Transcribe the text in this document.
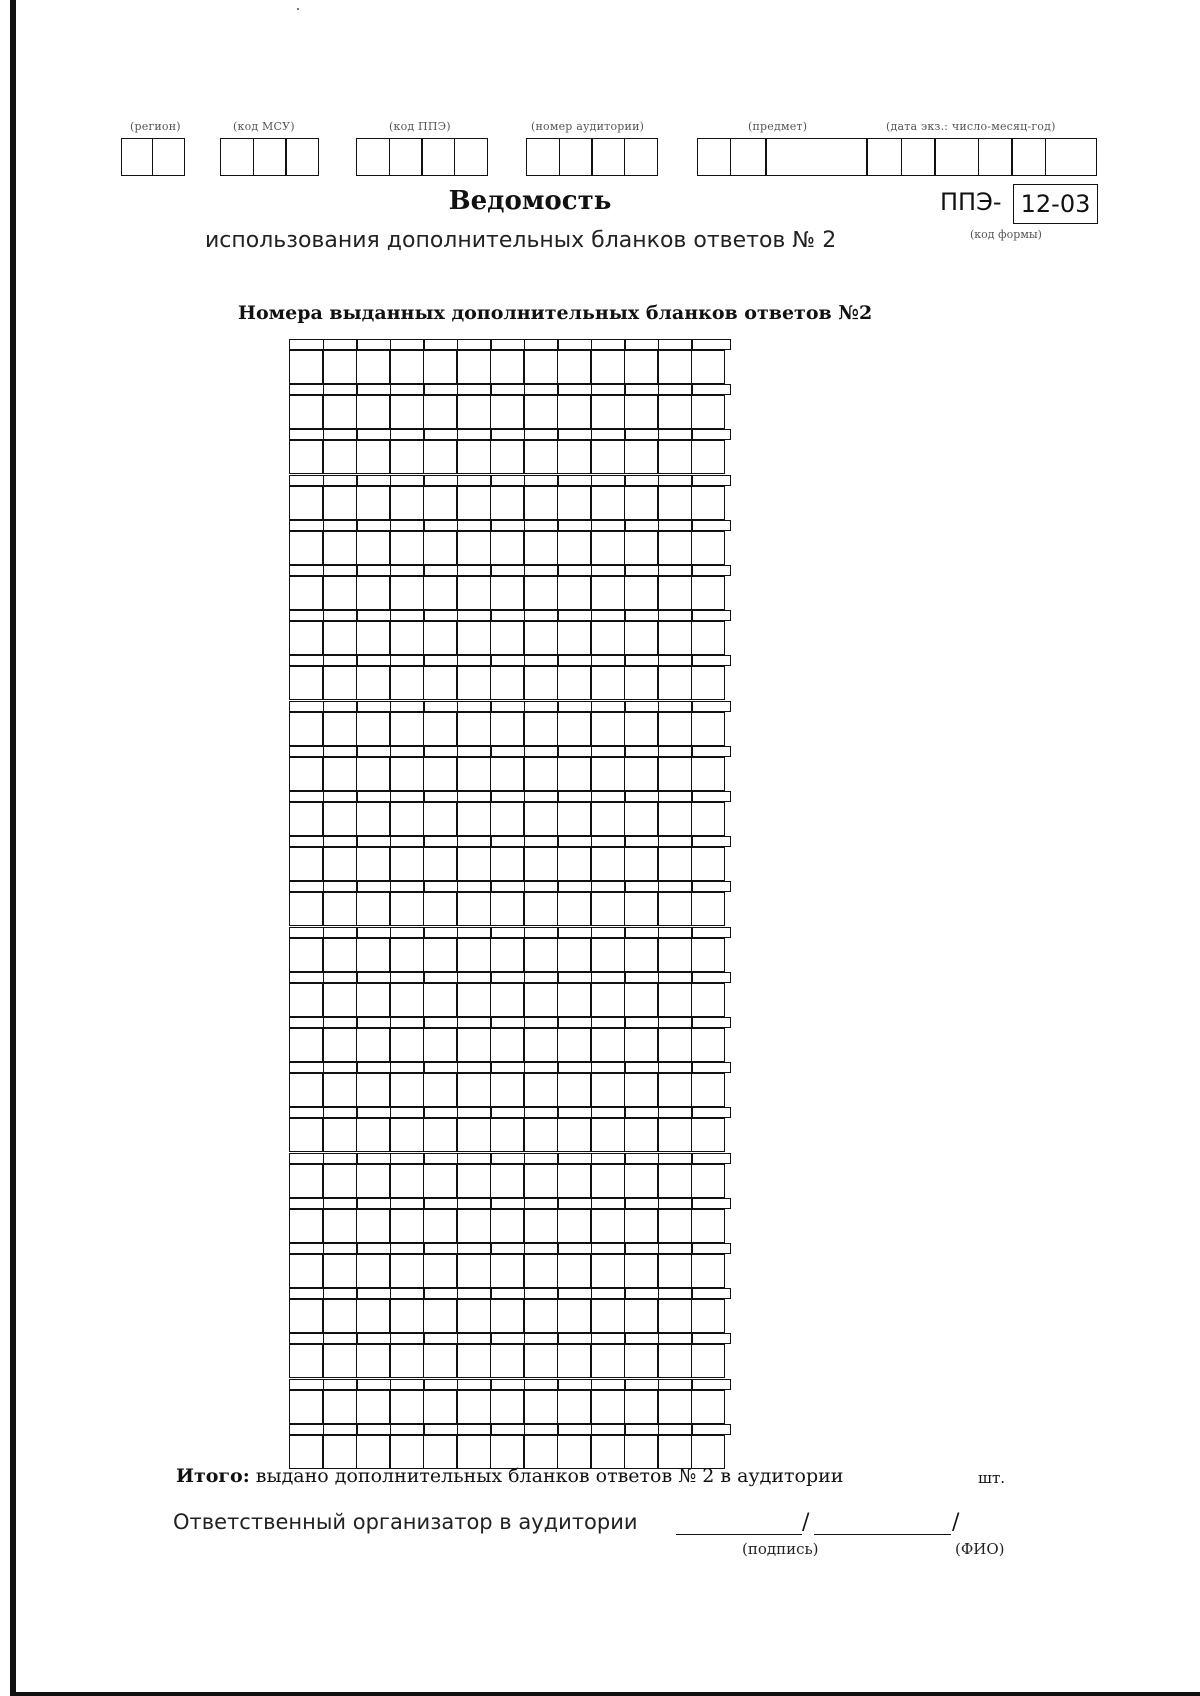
(регион)	(код МСУ)	(код ППЭ)	(номер аудитории)	(предмет)	(дата экз.: число-месяц-год)
Ведомость
использования дополнительных бланков ответов № 2
ППЭ- 12-03
(код формы)
Номера выданных дополнительных бланков ответов №2
Итого: выдано дополнительных бланков ответов № 2 в аудитории	шт.
Ответственный организатор в аудитории	/	/
(подпись)	(ФИО)
